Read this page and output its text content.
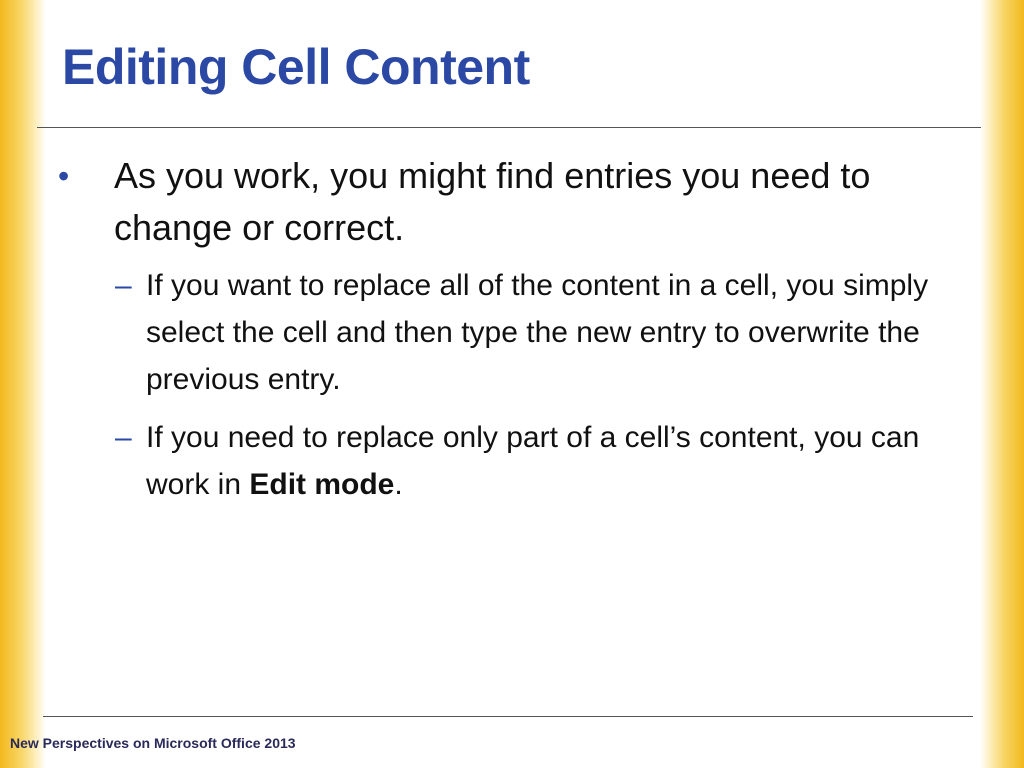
Editing Cell Content
• As you work, you might find entries you need to change or correct.
– If you want to replace all of the content in a cell, you simply select the cell and then type the new entry to overwrite the previous entry.
– If you need to replace only part of a cell’s content, you can work in Edit mode.
New Perspectives on Microsoft Office 2013
